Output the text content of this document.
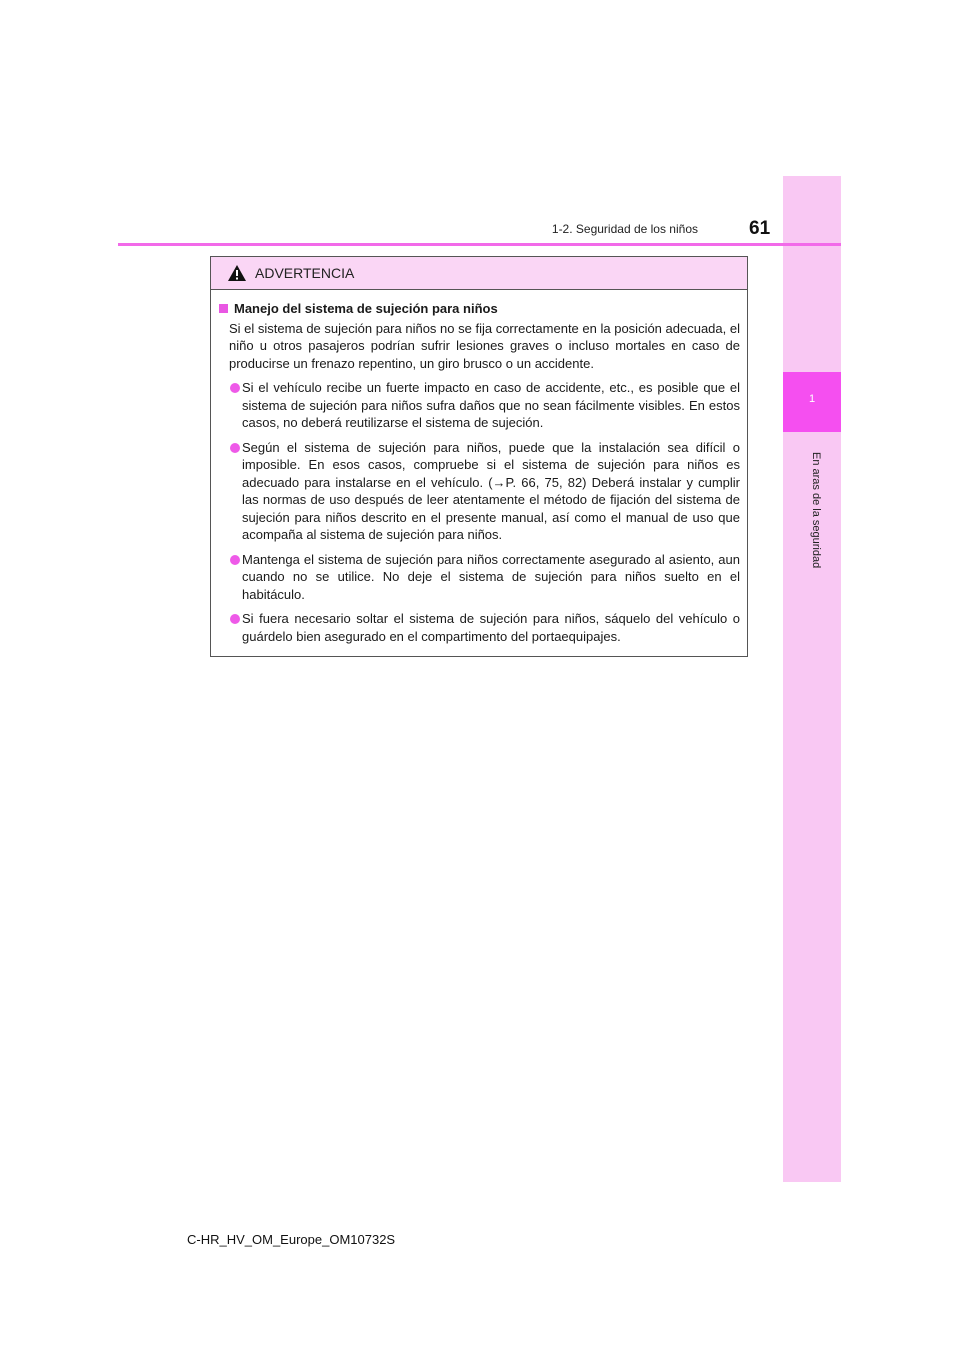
1
En aras de la seguridad
61
1-2. Seguridad de los niños
ADVERTENCIA
Manejo del sistema de sujeción para niños
Si el sistema de sujeción para niños no se fija correctamente en la posición adecuada, el niño u otros pasajeros podrían sufrir lesiones graves o incluso mortales en caso de producirse un frenazo repentino, un giro brusco o un accidente.
Si el vehículo recibe un fuerte impacto en caso de accidente, etc., es posible que el sistema de sujeción para niños sufra daños que no sean fácilmente visibles. En estos casos, no deberá reutilizarse el sistema de sujeción.
Según el sistema de sujeción para niños, puede que la instalación sea difícil o imposible. En esos casos, compruebe si el sistema de sujeción para niños es adecuado para instalarse en el vehículo. (→P. 66, 75, 82) Deberá instalar y cumplir las normas de uso después de leer atentamente el método de fijación del sistema de sujeción para niños descrito en el presente manual, así como el manual de uso que acompaña al sistema de sujeción para niños.
Mantenga el sistema de sujeción para niños correctamente asegurado al asiento, aun cuando no se utilice. No deje el sistema de sujeción para niños suelto en el habitáculo.
Si fuera necesario soltar el sistema de sujeción para niños, sáquelo del vehículo o guárdelo bien asegurado en el compartimento del portaequipajes.
C-HR_HV_OM_Europe_OM10732S
